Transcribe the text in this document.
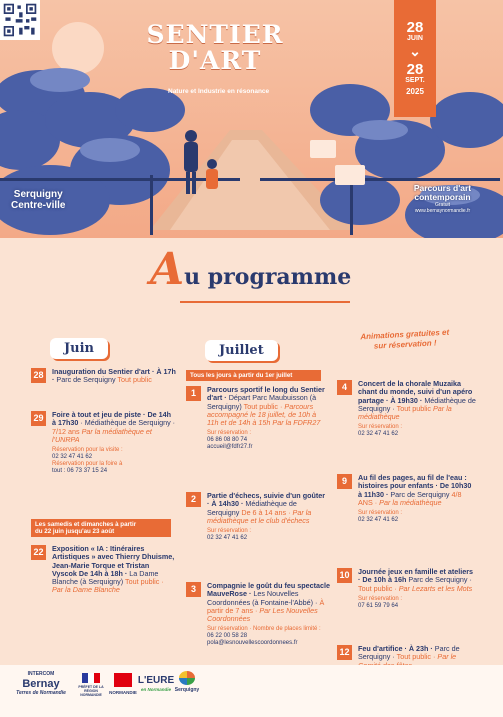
SENTIER
D'ART
Nature et Industrie en résonance
28
JUIN
⌄
28
SEPT.
2025
Parcours d'art
contemporain
Gratuit
www.bernaynormandie.fr
Serquigny
Centre-ville
Au programme
Animations gratuites et
sur réservation !
Juin
28	Inauguration du Sentier d'art · À 17h · Parc de Serquigny Tout public
29	Foire à tout et jeu de piste · De 14h à 17h30 · Médiathèque de Serquigny · 7/12 ans Par la médiathèque et l'UNRPA
Réservation pour la visite :
02 32 47 41 62
Réservation pour la foire à
tout : 06 73 37 15 24
Les samedis et dimanches à partir
du 22 juin jusqu'au 23 août
22	Exposition « IA : Itinéraires Artistiques » avec Thierry Dhuisme, Jean-Marie Torque et Tristan Vyscok De 14h à 18h · La Dame Blanche (à Serquigny) Tout public · Par la Dame Blanche
Juillet
Tous les jours à partir du 1er juillet
1	Parcours sportif le long du Sentier d'art · Départ Parc Maubuisson (à Serquigny) Tout public · Parcours accompagné le 18 juillet, de 10h à 11h et de 14h à 15h Par la FDFR27
Sur réservation :
06 86 08 80 74
accueil@fdfr27.fr
2	Partie d'échecs, suivie d'un goûter · À 14h30 · Médiathèque de Serquigny De 6 à 14 ans · Par la médiathèque et le club d'échecs
Sur réservation :
02 32 47 41 62
3	Compagnie le goût du feu spectacle MauveRose · Les Nouvelles Coordonnées (à Fontaine-l'Abbé) · À partir de 7 ans · Par Les Nouvelles Coordonnées
Sur réservation · Nombre de places limité :
06 22 00 58 28
pola@lesnouvellescoordonnees.fr
4	Concert de la chorale Muzaika chant du monde, suivi d'un apéro partage · À 19h30 · Médiathèque de Serquigny · Tout public Par la médiathèque
Sur réservation :
02 32 47 41 62
9	Au fil des pages, au fil de l'eau : histoires pour enfants · De 10h30 à 11h30 · Parc de Serquigny 4/8 ANS · Par la médiathèque
Sur réservation :
02 32 47 41 62
10	Journée jeux en famille et ateliers · De 10h à 16h Parc de Serquigny · Tout public · Par Lezarts et les Mots
Sur réservation :
07 61 59 79 64
12	Feu d'artifice · À 23h · Parc de Serquigny · Tout public · Par le
INTERCOM
Bernay
Terres de Normandie
PRÉFET DE LA RÉGION NORMANDIE	NORMANDIE
L'EURE
en Normandie Serquigny
